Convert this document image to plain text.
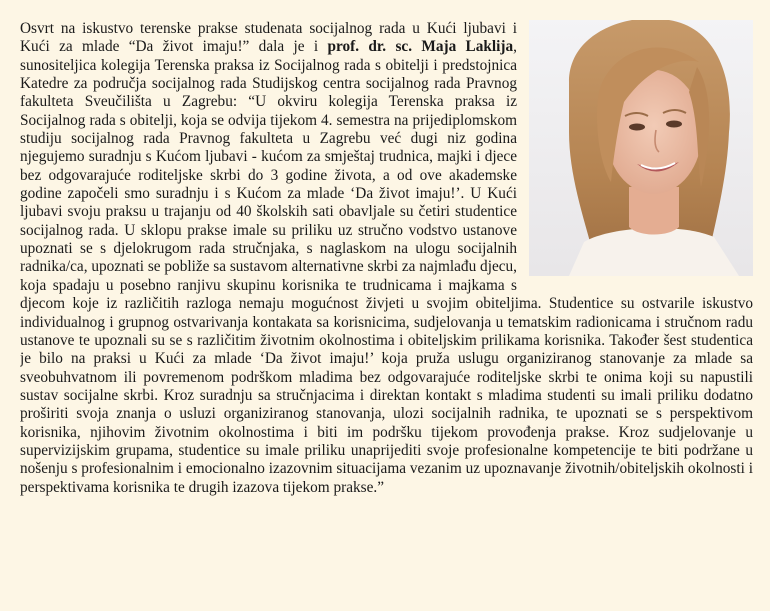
Osvrt na iskustvo terenske prakse studenata socijalnog rada u Kući ljubavi i Kući za mlade “Da život imaju!” dala je i prof. dr. sc. Maja Laklija, sunositeljica kolegija Terenska praksa iz Socijalnog rada s obitelji i predstojnica Katedre za područja socijalnog rada Studijskog centra socijalnog rada Pravnog fakulteta Sveučilišta u Zagrebu: “U okviru kolegija Terenska praksa iz Socijalnog rada s obitelji, koja se odvija tijekom 4. semestra na prijediplomskom studiju socijalnog rada Pravnog fakulteta u Zagrebu već dugi niz godina njegujemo suradnju s Kućom ljubavi - kućom za smještaj trudnica, majki i djece bez odgovarajuće roditeljske skrbi do 3 godine života, a od ove akademske godine započeli smo suradnju i s Kućom za mlade ‘Da život imaju!’. U Kući ljubavi svoju praksu u trajanju od 40 školskih sati obavljale su četiri studentice socijalnog rada. U sklopu prakse imale su priliku uz stručno vodstvo ustanove upoznati se s djelokrugom rada stručnjaka, s naglaskom na ulogu socijalnih radnika/ca, upoznati se pobliže sa sustavom alternativne skrbi za najmlađu djecu, koja spadaju u posebno ranjivu skupinu korisnika te trudnicama i majkama s djecom koje iz različitih razloga nemaju mogućnost živjeti u svojim obiteljima. Studentice su ostvarile iskustvo individualnog i grupnog ostvarivanja kontakata sa korisnicima, sudjelovanja u tematskim radionicama i stručnom radu ustanove te upoznali su se s različitim životnim okolnostima i obiteljskim prilikama korisnika. Također šest studentica je bilo na praksi u Kući za mlade ‘Da život imaju!’ koja pruža uslugu organiziranog stanovanje za mlade sa sveobuhvatnom ili povremenom podrškom mladima bez odgovarajuće roditeljske skrbi te onima koji su napustili sustav socijalne skrbi. Kroz suradnju sa stručnjacima i direktan kontakt s mladima studenti su imali priliku dodatno proširiti svoja znanja o usluzi organiziranog stanovanja, ulozi socijalnih radnika, te upoznati se s perspektivom korisnika, njihovim životnim okolnostima i biti im podršku tijekom provođenja prakse. Kroz sudjelovanje u supervizijskim grupama, studentice su imale priliku unaprijediti svoje profesionalne kompetencije te biti podržane u nošenju s profesionalnim i emocionalno izazovnim situacijama vezanim uz upoznavanje životnih/obiteljskih okolnosti i perspektivama korisnika te drugih izazova tijekom prakse.”
